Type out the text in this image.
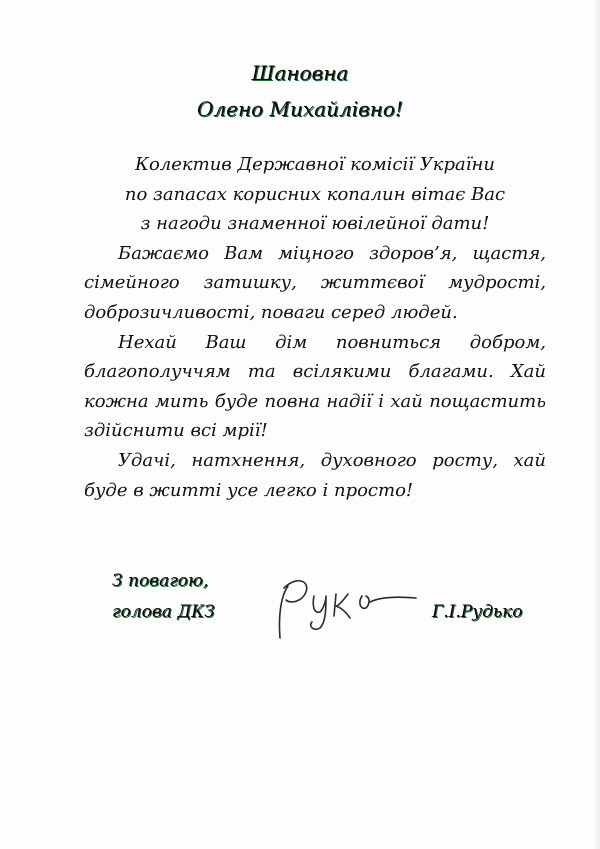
Шановна
Олено Михайлівно!
Колектив Державної комісії України
по запасах корисних копалин вітає Вас
з нагоди знаменної ювілейної дати!
Бажаємо Вам міцного здоров’я, щастя, сімейного затишку, життєвої мудрості, доброзичливості, поваги серед людей.
Нехай Ваш дім повниться добром, благополуччям та всілякими благами. Хай кожна мить буде повна надії і хай пощастить здійснити всі мрії!
Удачі, натхнення, духовного росту, хай буде в житті усе легко і просто!
З повагою,
голова ДКЗ	Г.І.Рудько
